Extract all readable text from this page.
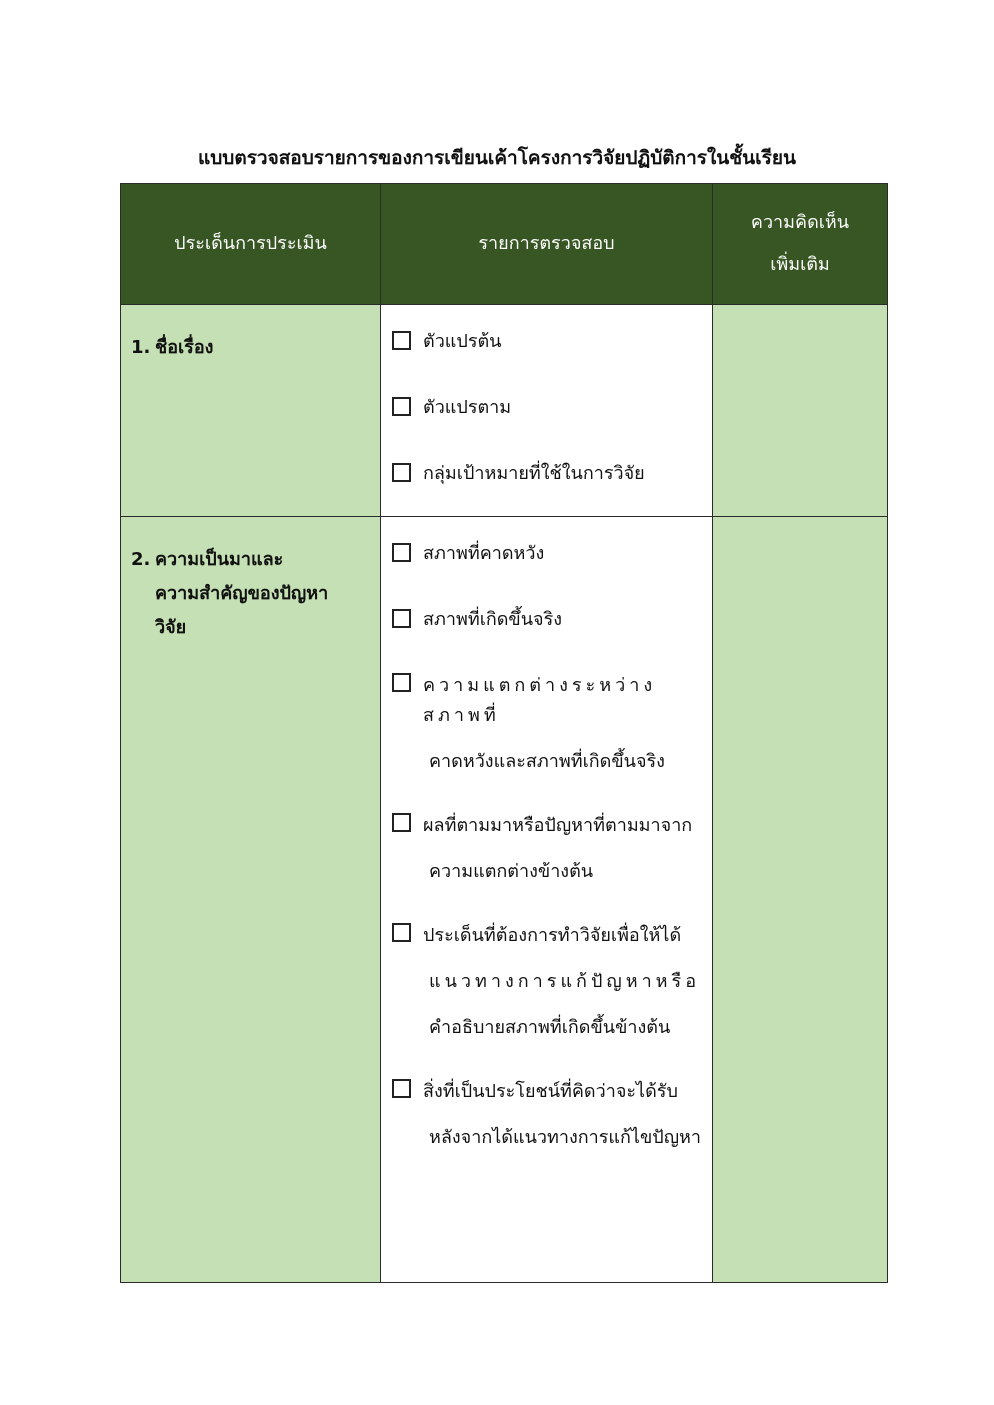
แบบตรวจสอบรายการของการเขียนเค้าโครงการวิจัยปฏิบัติการในชั้นเรียน
ประเด็นการประเมิน	รายการตรวจสอบ
ความคิดเห็น
เพิ่มเติม
1. ชื่อเรื่อง	ตัวแปรต้น
ตัวแปรตาม
กลุ่มเป้าหมายที่ใช้ในการวิจัย
2. ความเป็นมาและ
ความสำคัญของปัญหา
วิจัย
สภาพที่คาดหวัง
สภาพที่เกิดขึ้นจริง
ความแตกต่างระหว่างสภาพที่
คาดหวังและสภาพที่เกิดขึ้นจริง
ผลที่ตามมาหรือปัญหาที่ตามมาจาก
ความแตกต่างข้างต้น
ประเด็นที่ต้องการทำวิจัยเพื่อให้ได้
แนวทางการแก้ปัญหาหรือ
คำอธิบายสภาพที่เกิดขึ้นข้างต้น
สิ่งที่เป็นประโยชน์ที่คิดว่าจะได้รับ
หลังจากได้แนวทางการแก้ไขปัญหา
